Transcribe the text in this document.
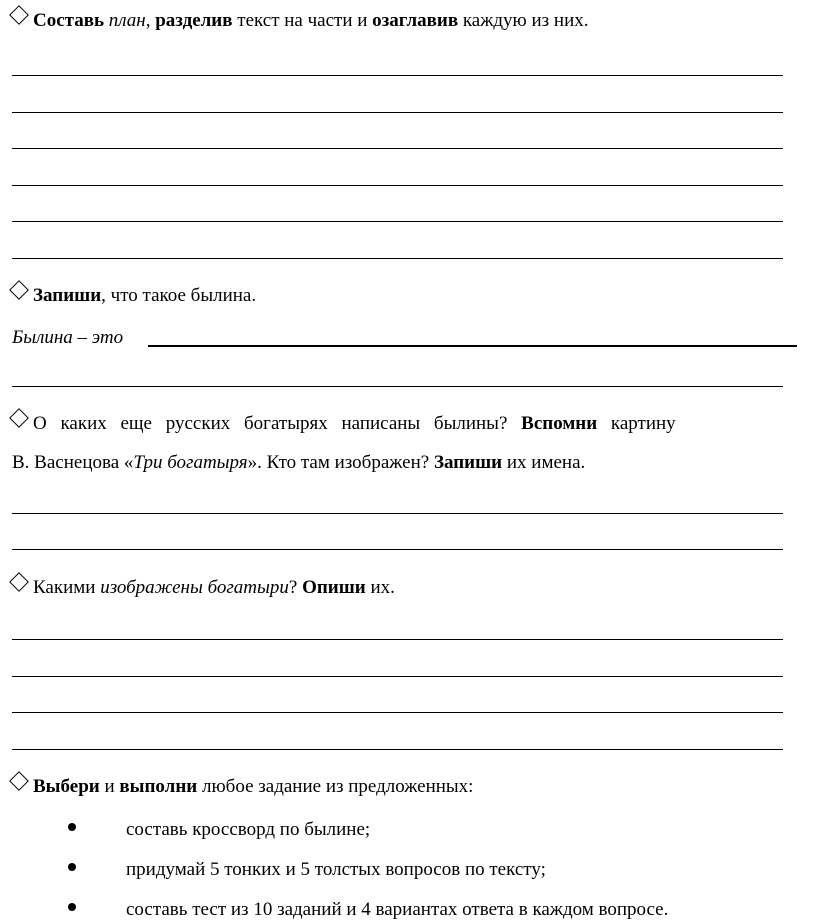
Составь план, разделив текст на части и озаглавив каждую из них.
Запиши, что такое былина.
Былина – это
О каких еще русских богатырях написаны былины? Вспомни картину
В. Васнецова «Три богатыря». Кто там изображен? Запиши их имена.
Какими изображены богатыри? Опиши их.
Выбери и выполни любое задание из предложенных:
составь кроссворд по былине;
придумай 5 тонких и 5 толстых вопросов по тексту;
составь тест из 10 заданий и 4 вариантах ответа в каждом вопросе.
